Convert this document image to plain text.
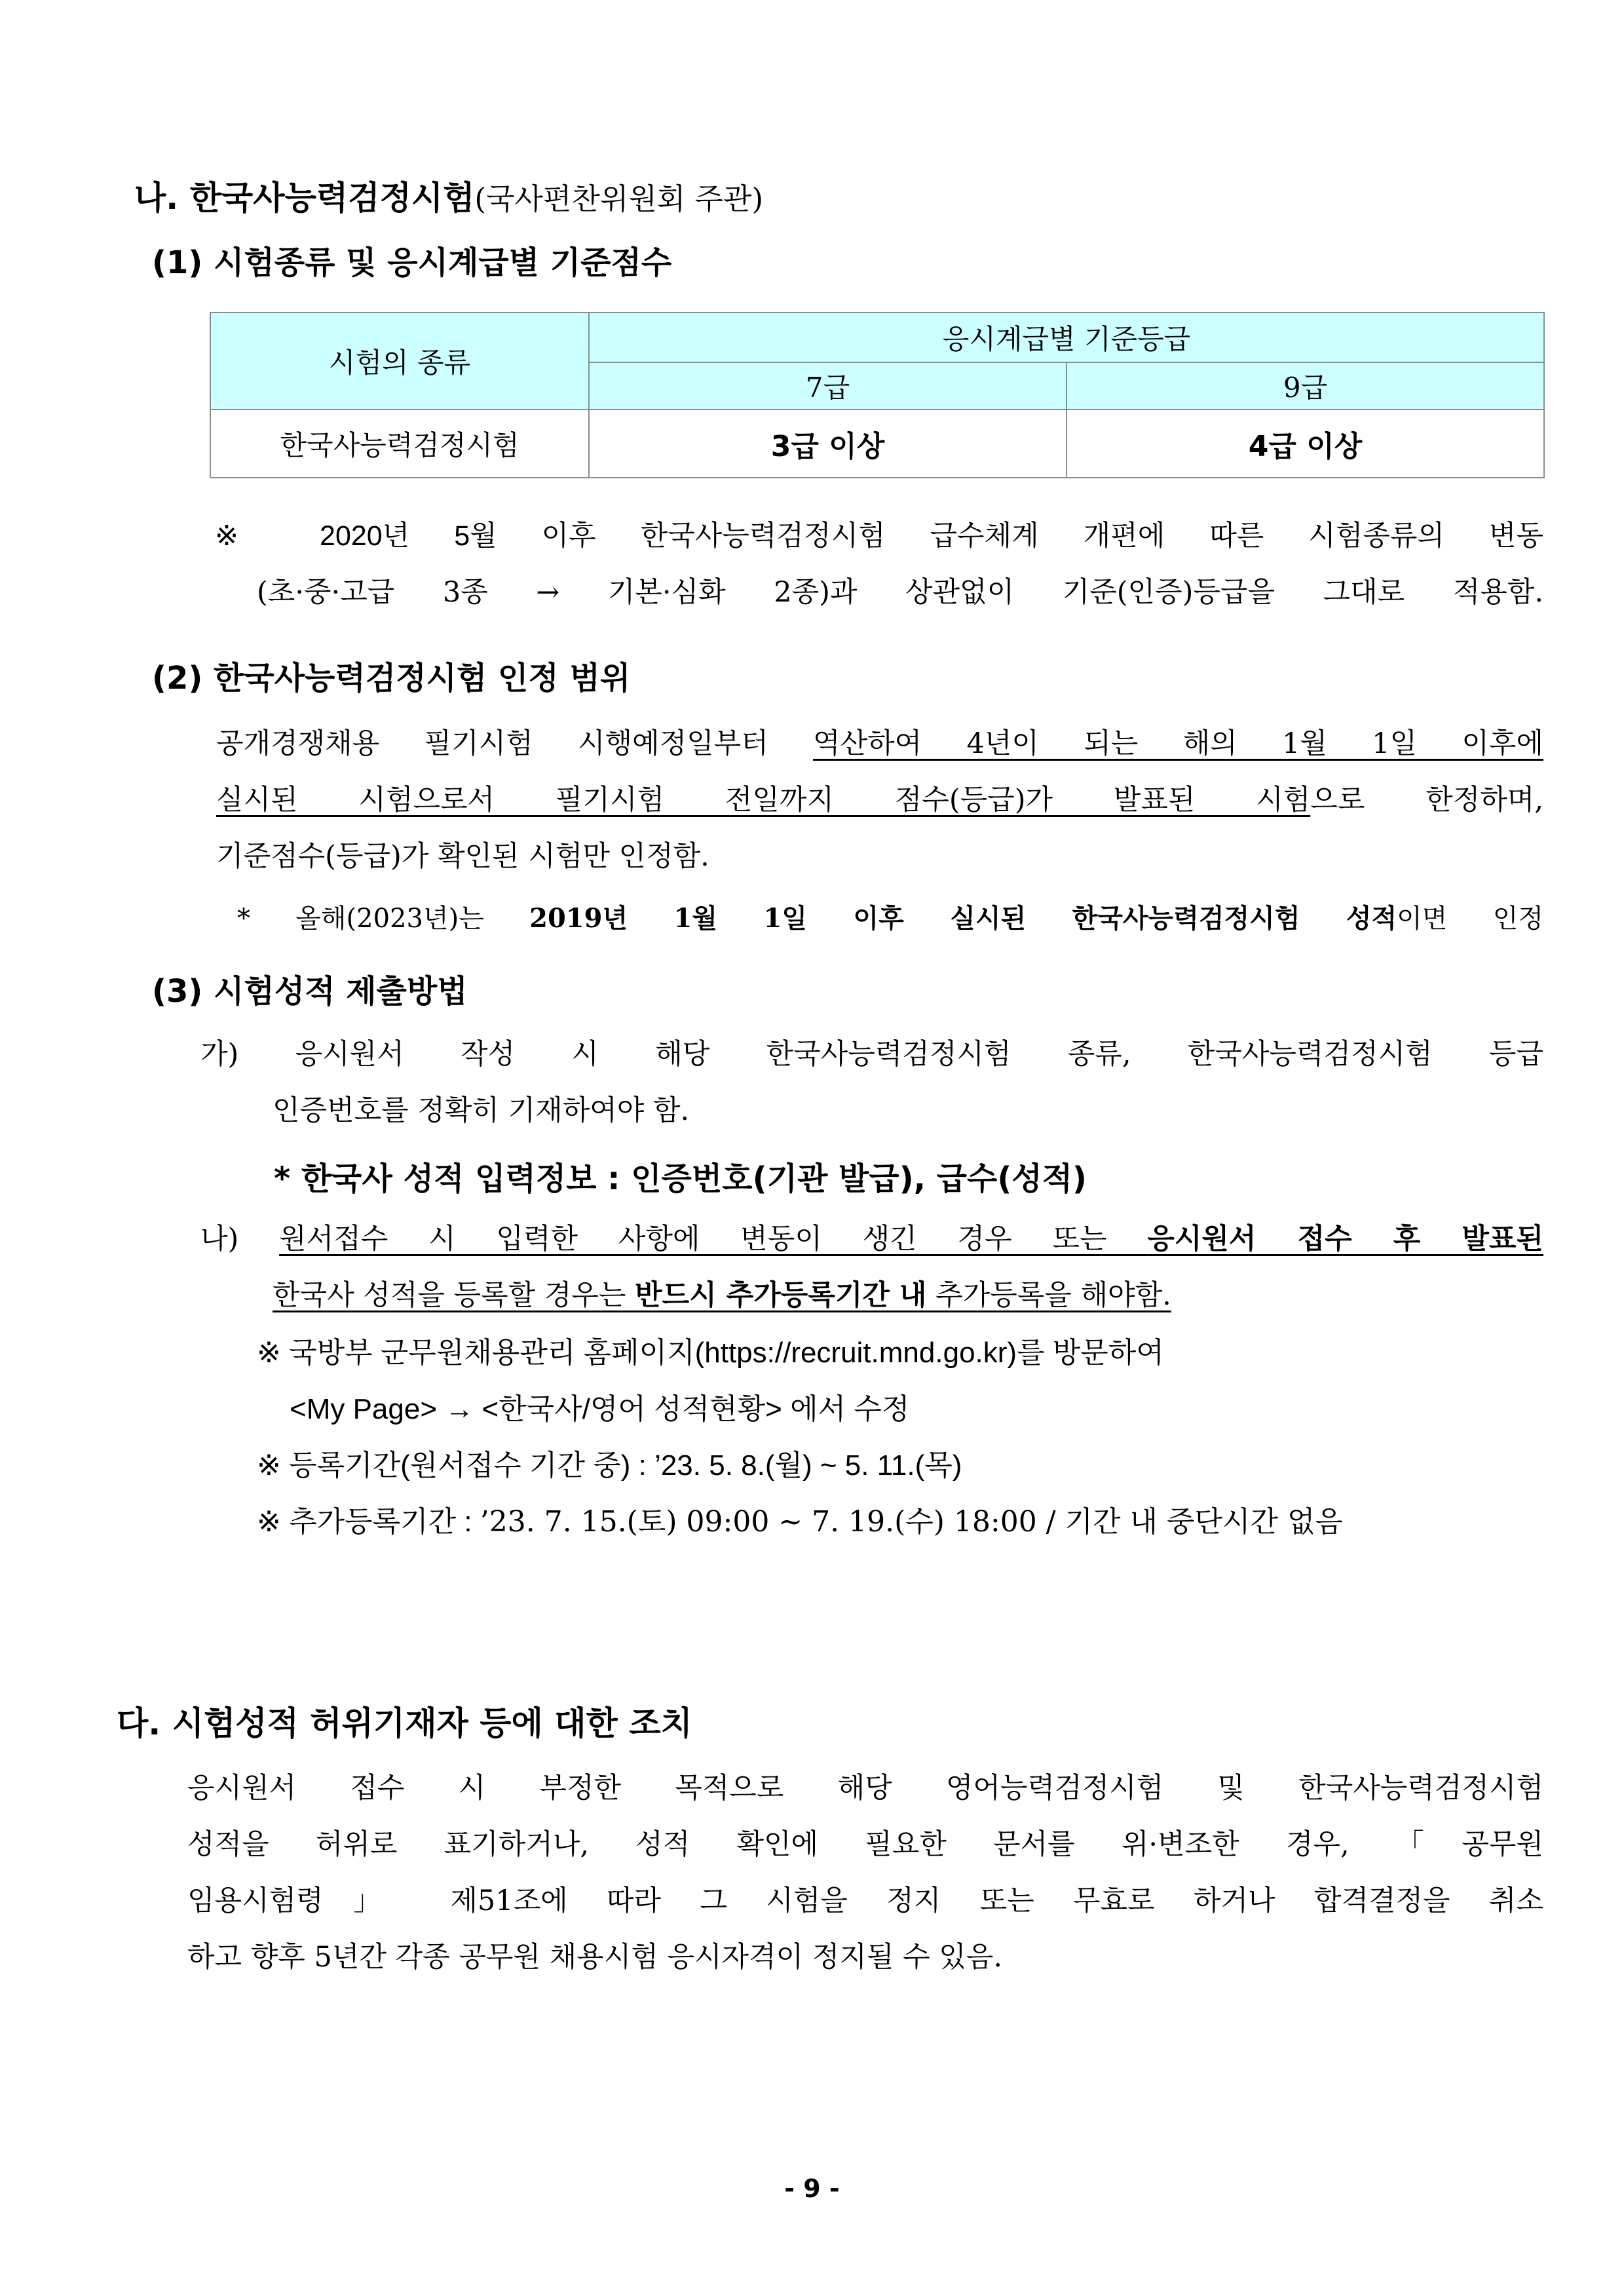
나. 한국사능력검정시험(국사편찬위원회 주관)
(1) 시험종류 및 응시계급별 기준점수
시험의 종류	응시계급별 기준등급	
	7급	9급
한국사능력검정시험	3급 이상	4급 이상
※ 2020년 5월 이후 한국사능력검정시험 급수체계 개편에 따른 시험종류의 변동
(초·중·고급 3종 → 기본·심화 2종)과 상관없이 기준(인증)등급을 그대로 적용함.
(2) 한국사능력검정시험 인정 범위
공개경쟁채용 필기시험 시행예정일부터 역산하여 4년이 되는 해의 1월 1일 이후에
실시된 시험으로서 필기시험 전일까지 점수(등급)가 발표된 시험으로 한정하며,
기준점수(등급)가 확인된 시험만 인정함.
* 올해(2023년)는 2019년 1월 1일 이후 실시된 한국사능력검정시험 성적이면 인정
(3) 시험성적 제출방법
가) 응시원서 작성 시 해당 한국사능력검정시험 종류, 한국사능력검정시험 등급
인증번호를 정확히 기재하여야 함.
* 한국사 성적 입력정보 : 인증번호(기관 발급), 급수(성적)
나) 원서접수 시 입력한 사항에 변동이 생긴 경우 또는 응시원서 접수 후 발표된
한국사 성적을 등록할 경우는 반드시 추가등록기간 내 추가등록을 해야함.
※ 국방부 군무원채용관리 홈페이지(https://recruit.mnd.go.kr)를 방문하여
<My Page> → <한국사/영어 성적현황> 에서 수정
※ 등록기간(원서접수 기간 중) : ’23. 5. 8.(월) ~ 5. 11.(목)
※ 추가등록기간 : ’23. 7. 15.(토) 09:00 ~ 7. 19.(수) 18:00 / 기간 내 중단시간 없음
다. 시험성적 허위기재자 등에 대한 조치
응시원서 접수 시 부정한 목적으로 해당 영어능력검정시험 및 한국사능력검정시험
성적을 허위로 표기하거나, 성적 확인에 필요한 문서를 위·변조한 경우, 「공무원
임용시험령」 제51조에 따라 그 시험을 정지 또는 무효로 하거나 합격결정을 취소
하고 향후 5년간 각종 공무원 채용시험 응시자격이 정지될 수 있음.
- 9 -
